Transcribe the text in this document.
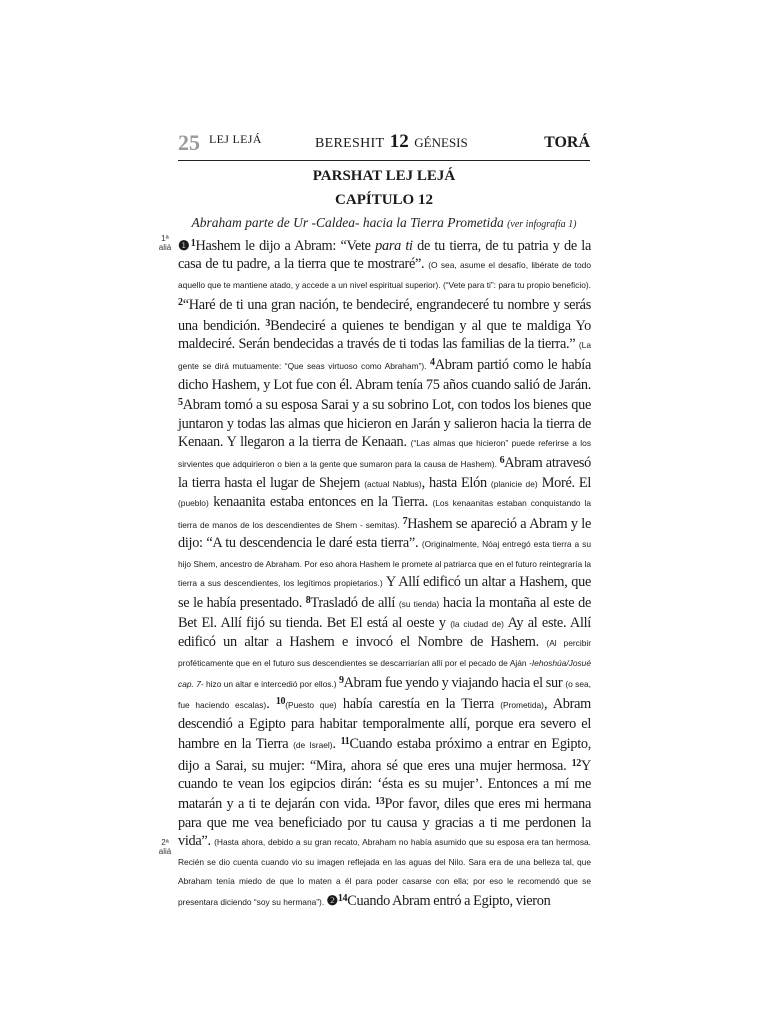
25 LEJ LEJÁ	BERESHIT 12 GÉNESIS	TORÁ
PARSHAT LEJ LEJÁ
CAPÍTULO 12
Abraham parte de Ur -Caldea- hacia la Tierra Prometida (ver infografía 1)
1ª
aliá
2ª
aliá
❶$^1$Hashem le dijo a Abram: “Vete para ti de tu tierra, de tu patria y de la casa de tu padre, a la tierra que te mostraré”. (O sea, asume el desafío, libérate de todo aquello que te mantiene atado, y accede a un nivel espiritual superior). (“Vete para ti”: para tu propio beneficio). $^2$“Haré de ti una gran nación, te bendeciré, engrandeceré tu nombre y serás una bendición. $^3$Bendeciré a quienes te bendigan y al que te maldiga Yo maldeciré. Serán bendecidas a través de ti todas las familias de la tierra.” (La gente se dirá mutuamente: “Que seas virtuoso como Abraham”). $^4$Abram partió como le había dicho Hashem, y Lot fue con él. Abram tenía 75 años cuando salió de Jarán. $^5$Abram tomó a su esposa Sarai y a su sobrino Lot, con todos los bienes que juntaron y todas las almas que hicieron en Jarán y salieron hacia la tierra de Kenaan. Y llegaron a la tierra de Kenaan. (“Las almas que hicieron” puede referirse a los sirvientes que adquirieron o bien a la gente que sumaron para la causa de Hashem). $^6$Abram atravesó la tierra hasta el lugar de Shejem (actual Nablus), hasta Elón (planicie de) Moré. El (pueblo) kenaanita estaba entonces en la Tierra. (Los kenaanitas estaban conquistando la tierra de manos de los descendientes de Shem - semitas). $^7$Hashem se apareció a Abram y le dijo: “A tu descendencia le daré esta tierra”. (Originalmente, Nóaj entregó esta tierra a su hijo Shem, ancestro de Abraham. Por eso ahora Hashem le promete al patriarca que en el futuro reintegraría la tierra a sus descendientes, los legítimos propietarios.) Y Allí edificó un altar a Hashem, que se le había presentado. $^8$Trasladó de allí (su tienda) hacia la montaña al este de Bet El. Allí fijó su tienda. Bet El está al oeste y (la ciudad de) Ay al este. Allí edificó un altar a Hashem e invocó el Nombre de Hashem. (Al percibir proféticamente que en el futuro sus descendientes se descarriarían allí por el pecado de Aján -Iehoshúa/Josué cap. 7- hizo un altar e intercedió por ellos.) $^9$Abram fue yendo y viajando hacia el sur (o sea, fue haciendo escalas). $^{10}$(Puesto que) había carestía en la Tierra (Prometida), Abram descendió a Egipto para habitar temporalmente allí, porque era severo el hambre en la Tierra (de Israel). $^{11}$Cuando estaba próximo a entrar en Egipto, dijo a Sarai, su mujer: “Mira, ahora sé que eres una mujer hermosa. $^{12}$Y cuando te vean los egipcios dirán: ‘ésta es su mujer’. Entonces a mí me matarán y a ti te dejarán con vida. $^{13}$Por favor, diles que eres mi hermana para que me vea beneficiado por tu causa y gracias a ti me perdonen la vida”. (Hasta ahora, debido a su gran recato, Abraham no había asumido que su esposa era tan hermosa. Recién se dio cuenta cuando vio su imagen reflejada en las aguas del Nilo. Sara era de una belleza tal, que Abraham tenía miedo de que lo maten a él para poder casarse con ella; por eso le recomendó que se presentara diciendo “soy su hermana”). ❷$^{14}$Cuando Abram entró a Egipto, vieron
